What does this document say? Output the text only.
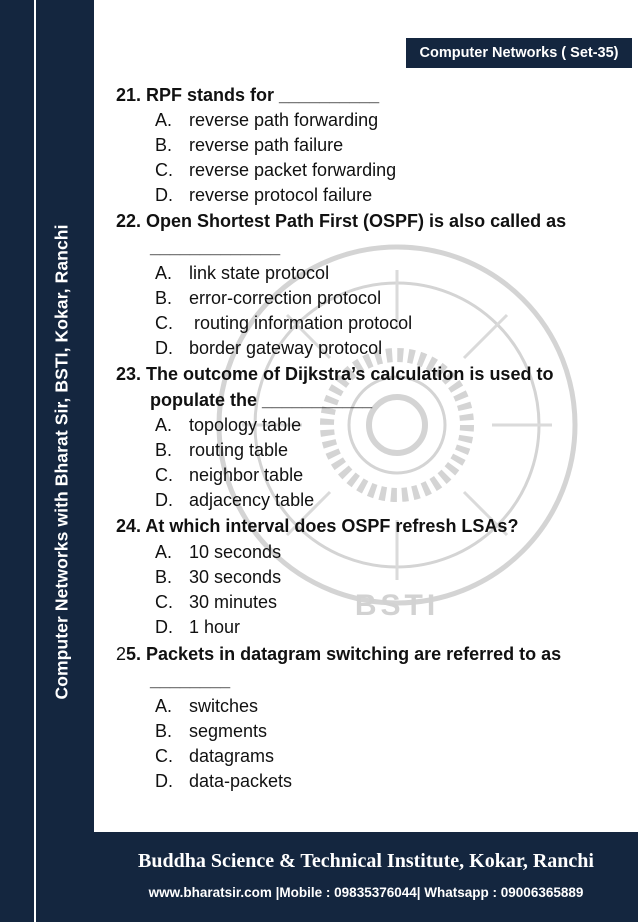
Computer Networks with Bharat Sir, BSTI, Kokar, Ranchi
Computer Networks ( Set-35)
BSTI
21. RPF stands for __________
A. reverse path forwarding
B. reverse path failure
C. reverse packet forwarding
D. reverse protocol failure
22. Open Shortest Path First (OSPF) is also called as
_____________
A. link state protocol
B. error-correction protocol
C. routing information protocol
D. border gateway protocol
23. The outcome of Dijkstra’s calculation is used to
populate the ___________
A. topology table
B. routing table
C. neighbor table
D. adjacency table
24. At which interval does OSPF refresh LSAs?
A. 10 seconds
B. 30 seconds
C. 30 minutes
D. 1 hour
25. Packets in datagram switching are referred to as
________
A. switches
B. segments
C. datagrams
D. data-packets
Buddha Science & Technical Institute, Kokar, Ranchi
www.bharatsir.com |Mobile : 09835376044| Whatsapp : 09006365889
